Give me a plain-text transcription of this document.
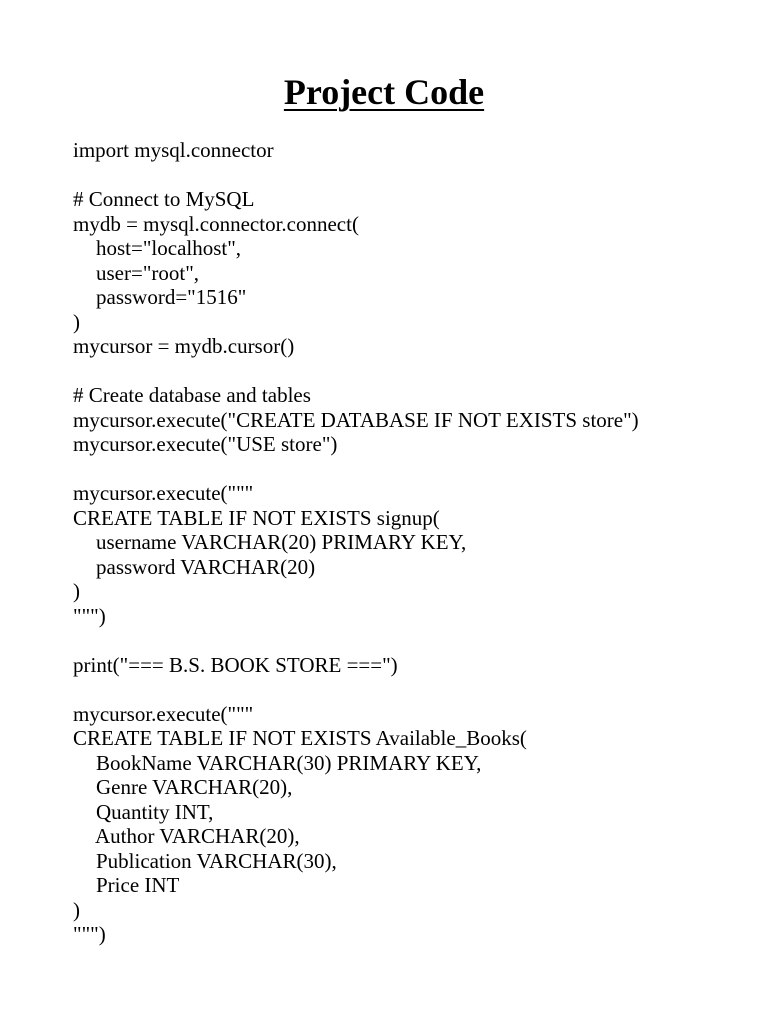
Project Code
import mysql.connector
# Connect to MySQL
mydb = mysql.connector.connect(
host="localhost",
user="root",
password="1516"
)
mycursor = mydb.cursor()
# Create database and tables
mycursor.execute("CREATE DATABASE IF NOT EXISTS store")
mycursor.execute("USE store")
mycursor.execute("""
CREATE TABLE IF NOT EXISTS signup(
username VARCHAR(20) PRIMARY KEY,
password VARCHAR(20)
)
""")
print("=== B.S. BOOK STORE ===")
mycursor.execute("""
CREATE TABLE IF NOT EXISTS Available_Books(
BookName VARCHAR(30) PRIMARY KEY,
Genre VARCHAR(20),
Quantity INT,
Author VARCHAR(20),
Publication VARCHAR(30),
Price INT
)
""")
